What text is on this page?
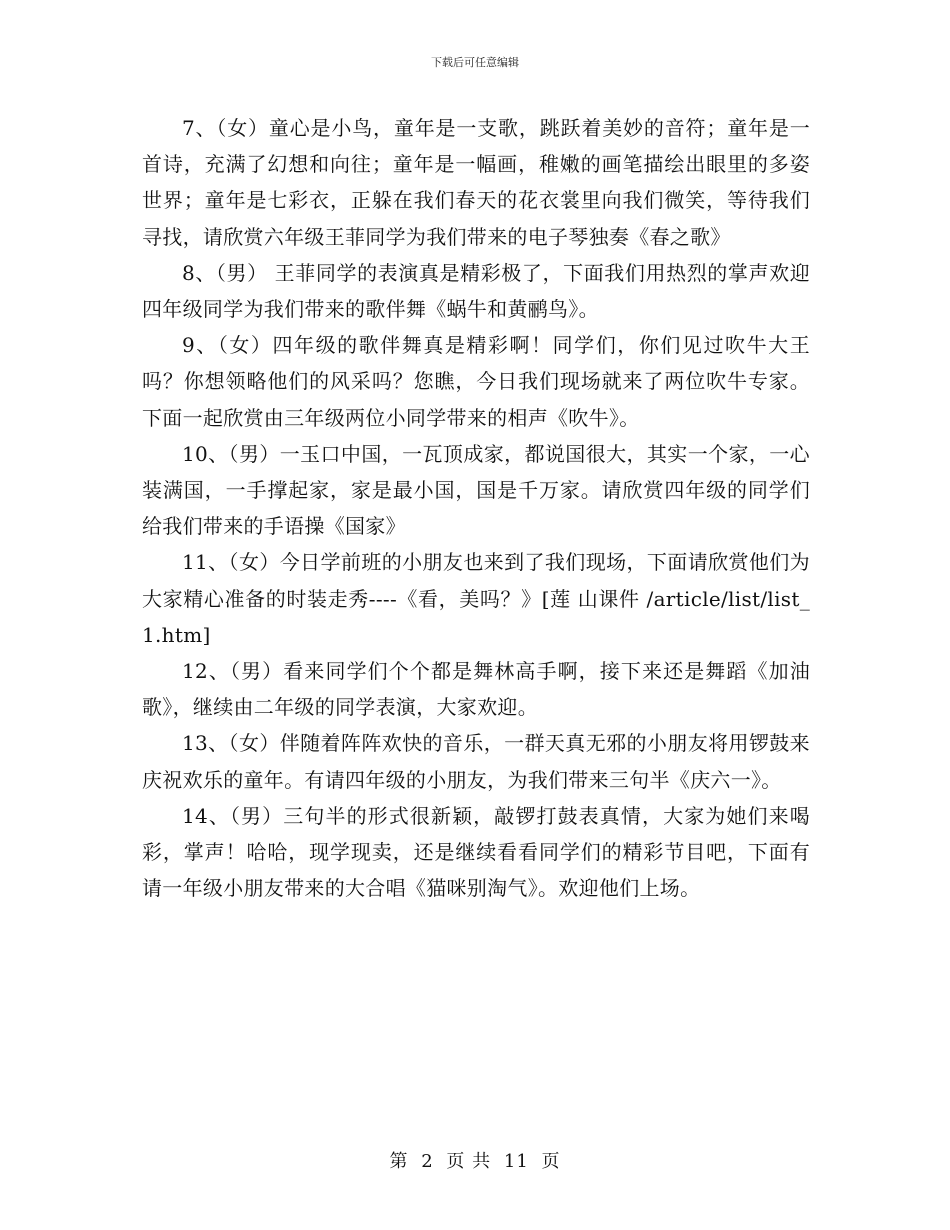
下载后可任意编辑

7、（女）童心是小鸟，童年是一支歌，跳跃着美妙的音符；童年是一首诗，充满了幻想和向往；童年是一幅画，稚嫩的画笔描绘出眼里的多姿世界；童年是七彩衣，正躲在我们春天的花衣裳里向我们微笑，等待我们寻找，请欣赏六年级王菲同学为我们带来的电子琴独奏《春之歌》

8、（男） 王菲同学的表演真是精彩极了，下面我们用热烈的掌声欢迎四年级同学为我们带来的歌伴舞《蜗牛和黄鹂鸟》。

9、（女）四年级的歌伴舞真是精彩啊！同学们，你们见过吹牛大王吗？你想领略他们的风采吗？您瞧，今日我们现场就来了两位吹牛专家。下面一起欣赏由三年级两位小同学带来的相声《吹牛》。

10、（男）一玉口中国，一瓦顶成家，都说国很大，其实一个家，一心装满国，一手撑起家，家是最小国，国是千万家。请欣赏四年级的同学们给我们带来的手语操《国家》

11、（女）今日学前班的小朋友也来到了我们现场，下面请欣赏他们为大家精心准备的时装走秀----《看，美吗？》[莲 山课件 /article/list/list_1.htm]

12、（男）看来同学们个个都是舞林高手啊，接下来还是舞蹈《加油歌》，继续由二年级的同学表演，大家欢迎。

13、（女）伴随着阵阵欢快的音乐，一群天真无邪的小朋友将用锣鼓来庆祝欢乐的童年。有请四年级的小朋友，为我们带来三句半《庆六一》。

14、（男）三句半的形式很新颖，敲锣打鼓表真情，大家为她们来喝彩，掌声！哈哈，现学现卖，还是继续看看同学们的精彩节目吧，下面有请一年级小朋友带来的大合唱《猫咪别淘气》。欢迎他们上场。

第 2 页 共 11 页
